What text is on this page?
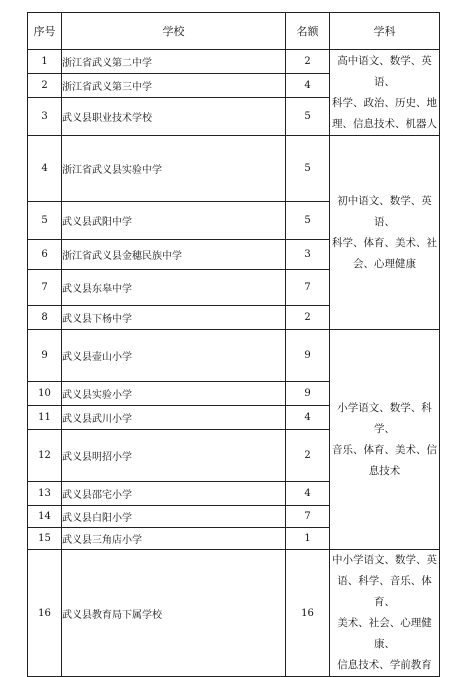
序号	学校	名额	学科
1	浙江省武义第二中学	2	高中语文、数学、英语、
科学、政治、历史、地
理、信息技术、机器人

2	浙江省武义第三中学	4	
3	武义县职业技术学校	5	
4	浙江省武义县实验中学	5	初中语文、数学、英语、
科学、体育、美术、社
会、心理健康

5	武义县武阳中学	5	
6	浙江省武义县金穗民族中学	3	
7	武义县东皋中学	7	
8	武义县下杨中学	2	
9	武义县壶山小学	9	小学语文、数学、科学、
音乐、体育、美术、信
息技术

10	武义县实验小学	9	
11	武义县武川小学	4	
12	武义县明招小学	2	
13	武义县邵宅小学	4	
14	武义县白阳小学	7	
15	武义县三角店小学	1	
16	武义县教育局下属学校	16	中小学语文、数学、英
语、科学、音乐、体育、
美术、社会、心理健康、
信息技术、学前教育
